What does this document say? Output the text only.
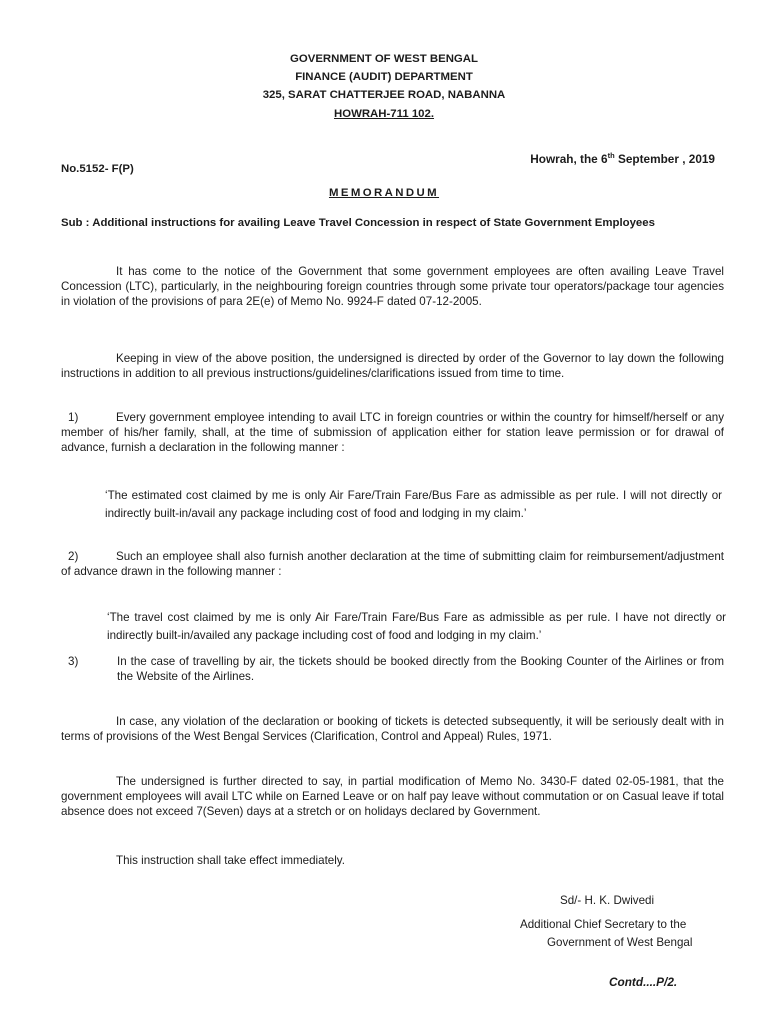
GOVERNMENT OF WEST BENGAL
FINANCE (AUDIT) DEPARTMENT
325, SARAT CHATTERJEE ROAD, NABANNA
HOWRAH-711 102.
No.5152- F(P)
Howrah, the 6th September , 2019
MEMORANDUM
Sub : Additional instructions for availing Leave Travel Concession in respect of State Government Employees
It has come to the notice of the Government that some government employees are often availing Leave Travel Concession (LTC), particularly, in the neighbouring foreign countries through some private tour operators/package tour agencies in violation of the provisions of para 2E(e) of Memo No. 9924-F dated 07-12-2005.
Keeping in view of the above position, the undersigned is directed by order of the Governor to lay down the following instructions in addition to all previous instructions/guidelines/clarifications issued from time to time.
1)	Every government employee intending to avail LTC in foreign countries or within the country for himself/herself or any member of his/her family, shall, at the time of submission of application either for station leave permission or for drawal of advance, furnish a declaration in the following manner :
‘The estimated cost claimed by me is only Air Fare/Train Fare/Bus Fare as admissible as per rule. I will not directly or indirectly built-in/avail any package including cost of food and lodging in my claim.’
2)	Such an employee shall also furnish another declaration at the time of submitting claim for reimbursement/adjustment of advance drawn in the following manner :
‘The travel cost claimed by me is only Air Fare/Train Fare/Bus Fare as admissible as per rule. I have not directly or indirectly built-in/availed any package including cost of food and lodging in my claim.’
3)	In the case of travelling by air, the tickets should be booked directly from the Booking Counter of the Airlines or from the Website of the Airlines.
In case, any violation of the declaration or booking of tickets is detected subsequently, it will be seriously dealt with in terms of provisions of the West Bengal Services (Clarification, Control and Appeal) Rules, 1971.
The undersigned is further directed to say, in partial modification of Memo No. 3430-F dated 02-05-1981, that the government employees will avail LTC while on Earned Leave or on half pay leave without commutation or on Casual leave if total absence does not exceed 7(Seven) days at a stretch or on holidays declared by Government.
This instruction shall take effect immediately.
Sd/- H. K. Dwivedi
Additional Chief Secretary to the
Government of West Bengal
Contd....P/2.
